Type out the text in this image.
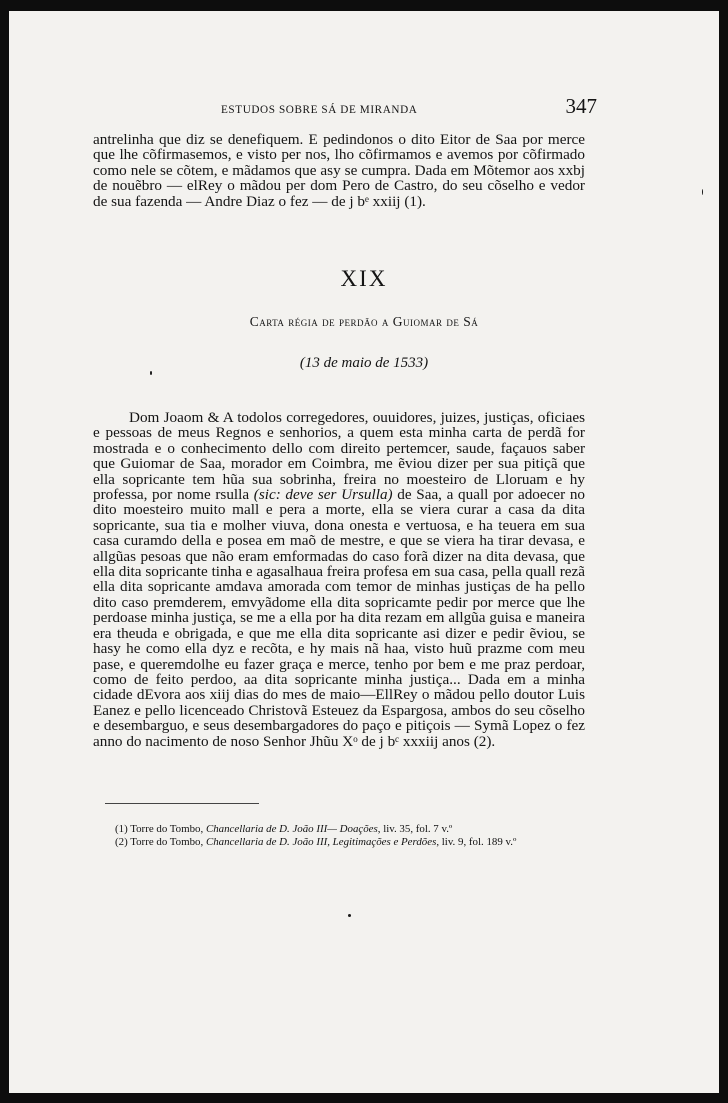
ESTUDOS SOBRE SÁ DE MIRANDA	347

antrelinha que diz se denefiquem. E pedindonos o dito Eitor de Saa por merce que lhe cõfirmasemos, e visto per nos, lho cõfirmamos e avemos por cõfirmado como nele se cõtem, e mãdamos que asy se cumpra. Dada em Mõtemor aos xxbj de nouẽbro — elRey o mãdou per dom Pero de Castro, do seu cõselho e vedor de sua fazenda — Andre Diaz o fez — de j bᵉ xxiij (1).

XIX
Carta régia de perdão a Guiomar de Sá
(13 de maio de 1533)

Dom Joaom & A todolos corregedores, ouuidores, juizes, justiças, oficiaes e pessoas de meus Regnos e senhorios, a quem esta minha carta de perdã for mostrada e o conhecimento dello com direito pertemcer, saude, façauos saber que Guiomar de Saa, morador em Coimbra, me ẽviou dizer per sua pitiçã que ella sopricante tem hũa sua sobrinha, freira no moesteiro de Lloruam e hy professa, por nome rsulla (sic: deve ser Ursulla) de Saa, a quall por adoecer no dito moesteiro muito mall e pera a morte, ella se viera curar a casa da dita sopricante, sua tia e molher viuva, dona onesta e vertuosa, e ha teuera em sua casa curamdo della e posea em maõ de mestre, e que se viera ha tirar devasa, e allgũas pesoas que não eram emformadas do caso forã dizer na dita devasa, que ella dita sopricante tinha e agasalhaua freira profesa em sua casa, pella quall rezã ella dita sopricante amdava amorada com temor de minhas justiças de ha pello dito caso premderem, emvyãdome ella dita sopricamte pedir por merce que lhe perdoase minha justiça, se me a ella por ha dita rezam em allgũa guisa e maneira era theuda e obrigada, e que me ella dita sopricante asi dizer e pedir ẽviou, se hasy he como ella dyz e recõta, e hy mais nã haa, visto huũ prazme com meu pase, e queremdolhe eu fazer graça e merce, tenho por bem e me praz perdoar, como de feito perdoo, aa dita sopricante minha justiça... Dada em a minha cidade dEvora aos xiij dias do mes de maio—EllRey o mãdou pello doutor Luis Eanez e pello licenceado Christovã Esteuez da Espargosa, ambos do seu cõselho e desembarguo, e seus desembargadores do paço e pitiçois — Symã Lopez o fez anno do nacimento de noso Senhor Jhũu Xᵒ de j bᶜ xxxiij anos (2).

(1) Torre do Tombo, Chancellaria de D. João III— Doações, liv. 35, fol. 7 v.º

(2) Torre do Tombo, Chancellaria de D. João III, Legitimações e Perdões, liv. 9, fol. 189 v.º
